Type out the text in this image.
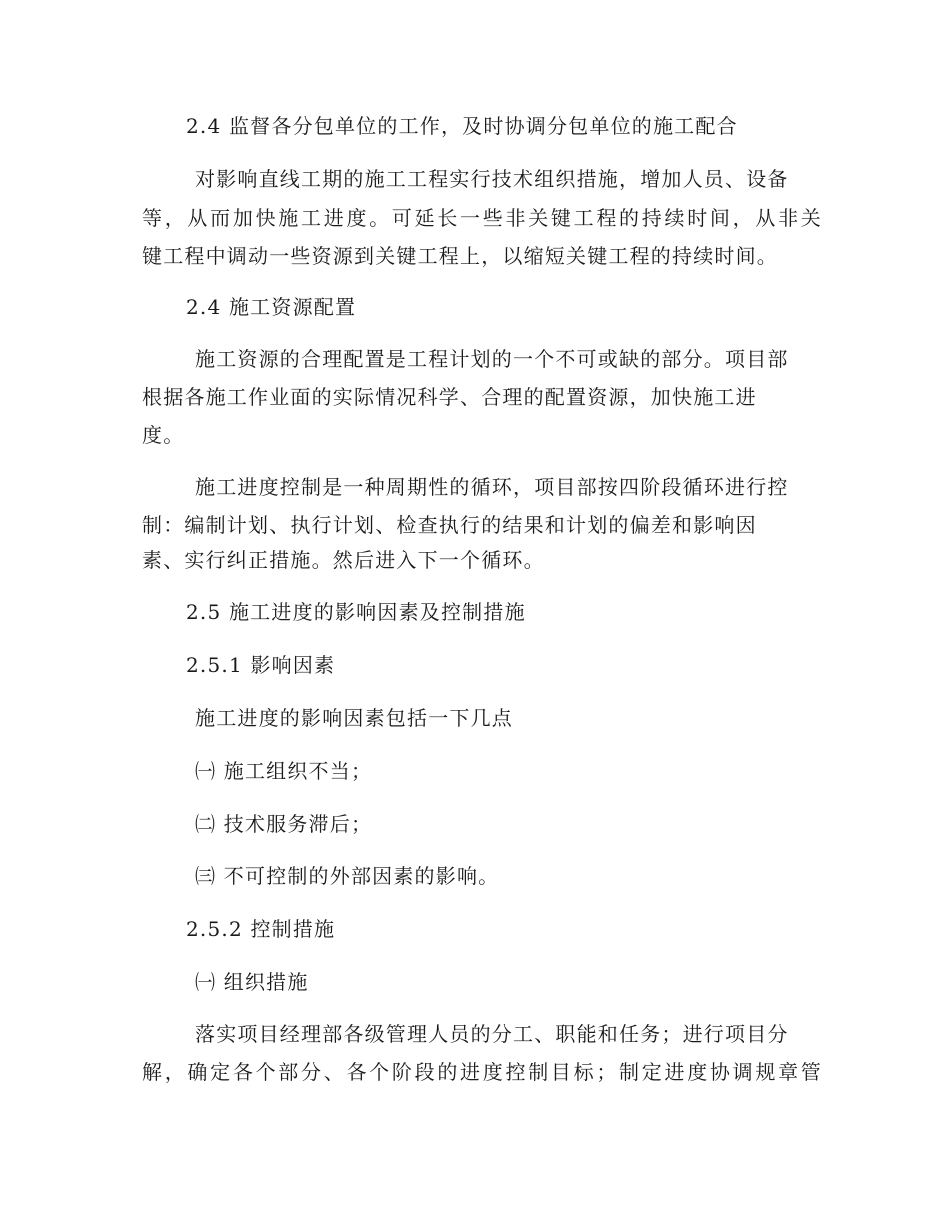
2.4 监督各分包单位的工作，及时协调分包单位的施工配合
对影响直线工期的施工工程实行技术组织措施，增加人员、设备
等，从而加快施工进度。可延长一些非关键工程的持续时间，从非关
键工程中调动一些资源到关键工程上，以缩短关键工程的持续时间。
2.4 施工资源配置
施工资源的合理配置是工程计划的一个不可或缺的部分。项目部
根据各施工作业面的实际情况科学、合理的配置资源，加快施工进
度。
施工进度控制是一种周期性的循环，项目部按四阶段循环进行控
制：编制计划、执行计划、检查执行的结果和计划的偏差和影响因
素、实行纠正措施。然后进入下一个循环。
2.5 施工进度的影响因素及控制措施
2.5.1 影响因素
施工进度的影响因素包括一下几点
㈠ 施工组织不当；
㈡ 技术服务滞后；
㈢ 不可控制的外部因素的影响。
2.5.2 控制措施
㈠ 组织措施
落实项目经理部各级管理人员的分工、职能和任务；进行项目分
解，确定各个部分、各个阶段的进度控制目标；制定进度协调规章管
